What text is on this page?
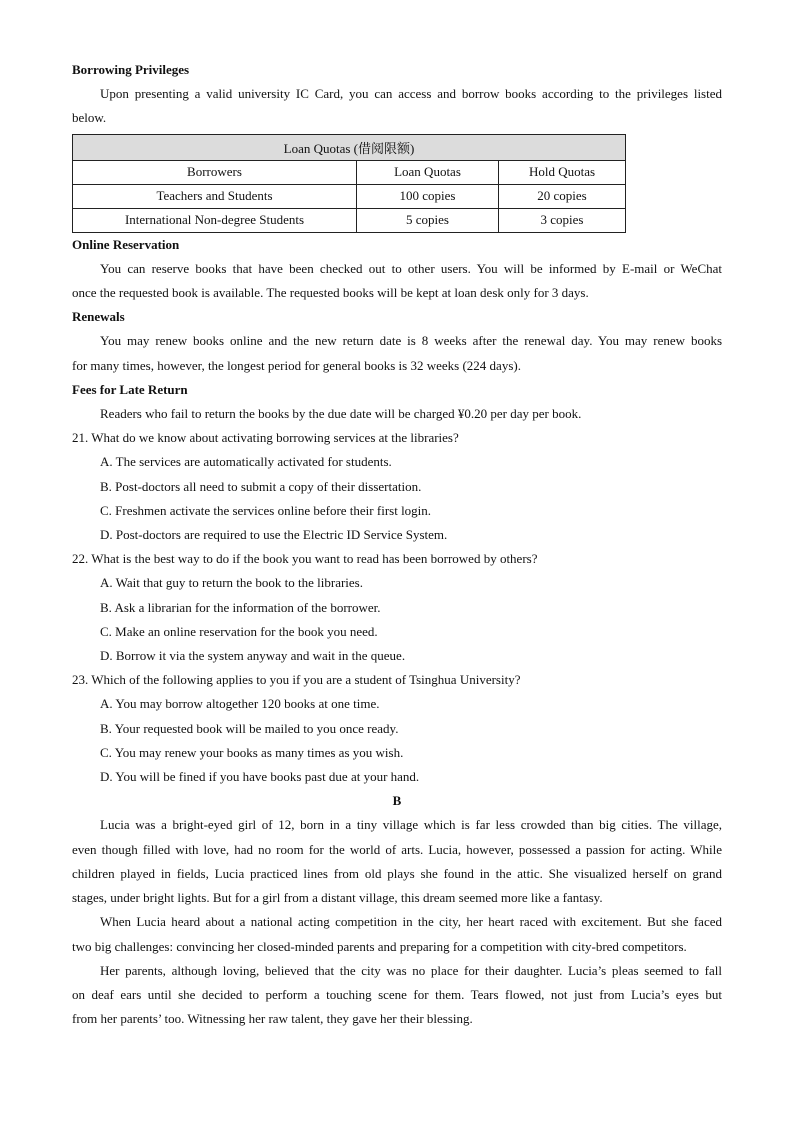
Borrowing Privileges
Upon presenting a valid university IC Card, you can access and borrow books according to the privileges listed
below.
Loan Quotas (借阅限额)		
Borrowers	Loan Quotas	Hold Quotas
Teachers and Students	100 copies	20 copies
International Non-degree Students	5 copies	3 copies
Online Reservation
You can reserve books that have been checked out to other users. You will be informed by E-mail or WeChat
once the requested book is available. The requested books will be kept at loan desk only for 3 days.
Renewals
You may renew books online and the new return date is 8 weeks after the renewal day. You may renew books
for many times, however, the longest period for general books is 32 weeks (224 days).
Fees for Late Return
Readers who fail to return the books by the due date will be charged ¥0.20 per day per book.
21. What do we know about activating borrowing services at the libraries?
A. The services are automatically activated for students.
B. Post-doctors all need to submit a copy of their dissertation.
C. Freshmen activate the services online before their first login.
D. Post-doctors are required to use the Electric ID Service System.
22. What is the best way to do if the book you want to read has been borrowed by others?
A. Wait that guy to return the book to the libraries.
B. Ask a librarian for the information of the borrower.
C. Make an online reservation for the book you need.
D. Borrow it via the system anyway and wait in the queue.
23. Which of the following applies to you if you are a student of Tsinghua University?
A. You may borrow altogether 120 books at one time.
B. Your requested book will be mailed to you once ready.
C. You may renew your books as many times as you wish.
D. You will be fined if you have books past due at your hand.
B
Lucia was a bright-eyed girl of 12, born in a tiny village which is far less crowded than big cities. The village,
even though filled with love, had no room for the world of arts. Lucia, however, possessed a passion for acting. While
children played in fields, Lucia practiced lines from old plays she found in the attic. She visualized herself on grand
stages, under bright lights. But for a girl from a distant village, this dream seemed more like a fantasy.
When Lucia heard about a national acting competition in the city, her heart raced with excitement. But she faced
two big challenges: convincing her closed-minded parents and preparing for a competition with city-bred competitors.
Her parents, although loving, believed that the city was no place for their daughter. Lucia’s pleas seemed to fall
on deaf ears until she decided to perform a touching scene for them. Tears flowed, not just from Lucia’s eyes but
from her parents’ too. Witnessing her raw talent, they gave her their blessing.
